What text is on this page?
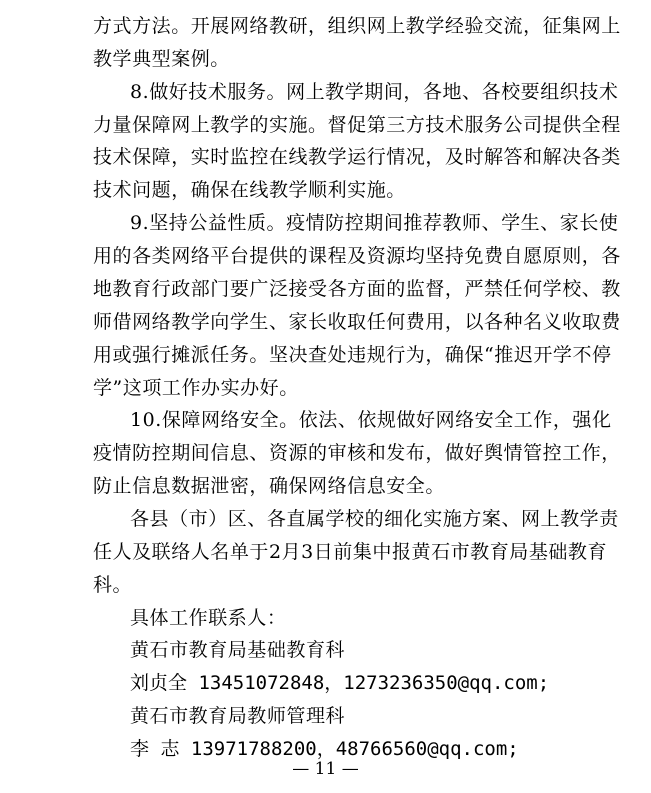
方式方法。开展网络教研，组织网上教学经验交流，征集网上
教学典型案例。
8.做好技术服务。网上教学期间，各地、各校要组织技术
力量保障网上教学的实施。督促第三方技术服务公司提供全程
技术保障，实时监控在线教学运行情况，及时解答和解决各类
技术问题，确保在线教学顺利实施。
9.坚持公益性质。疫情防控期间推荐教师、学生、家长使
用的各类网络平台提供的课程及资源均坚持免费自愿原则，各
地教育行政部门要广泛接受各方面的监督，严禁任何学校、教
师借网络教学向学生、家长收取任何费用，以各种名义收取费
用或强行摊派任务。坚决查处违规行为，确保“推迟开学不停
学”这项工作办实办好。
10.保障网络安全。依法、依规做好网络安全工作，强化
疫情防控期间信息、资源的审核和发布，做好舆情管控工作，
防止信息数据泄密，确保网络信息安全。
各县（市）区、各直属学校的细化实施方案、网上教学责
任人及联络人名单于2月3日前集中报黄石市教育局基础教育
科。
具体工作联系人：
黄石市教育局基础教育科
刘贞全 13451072848，1273236350@qq.com;
黄石市教育局教师管理科
李 志 13971788200，48766560@qq.com;
— 11 —
